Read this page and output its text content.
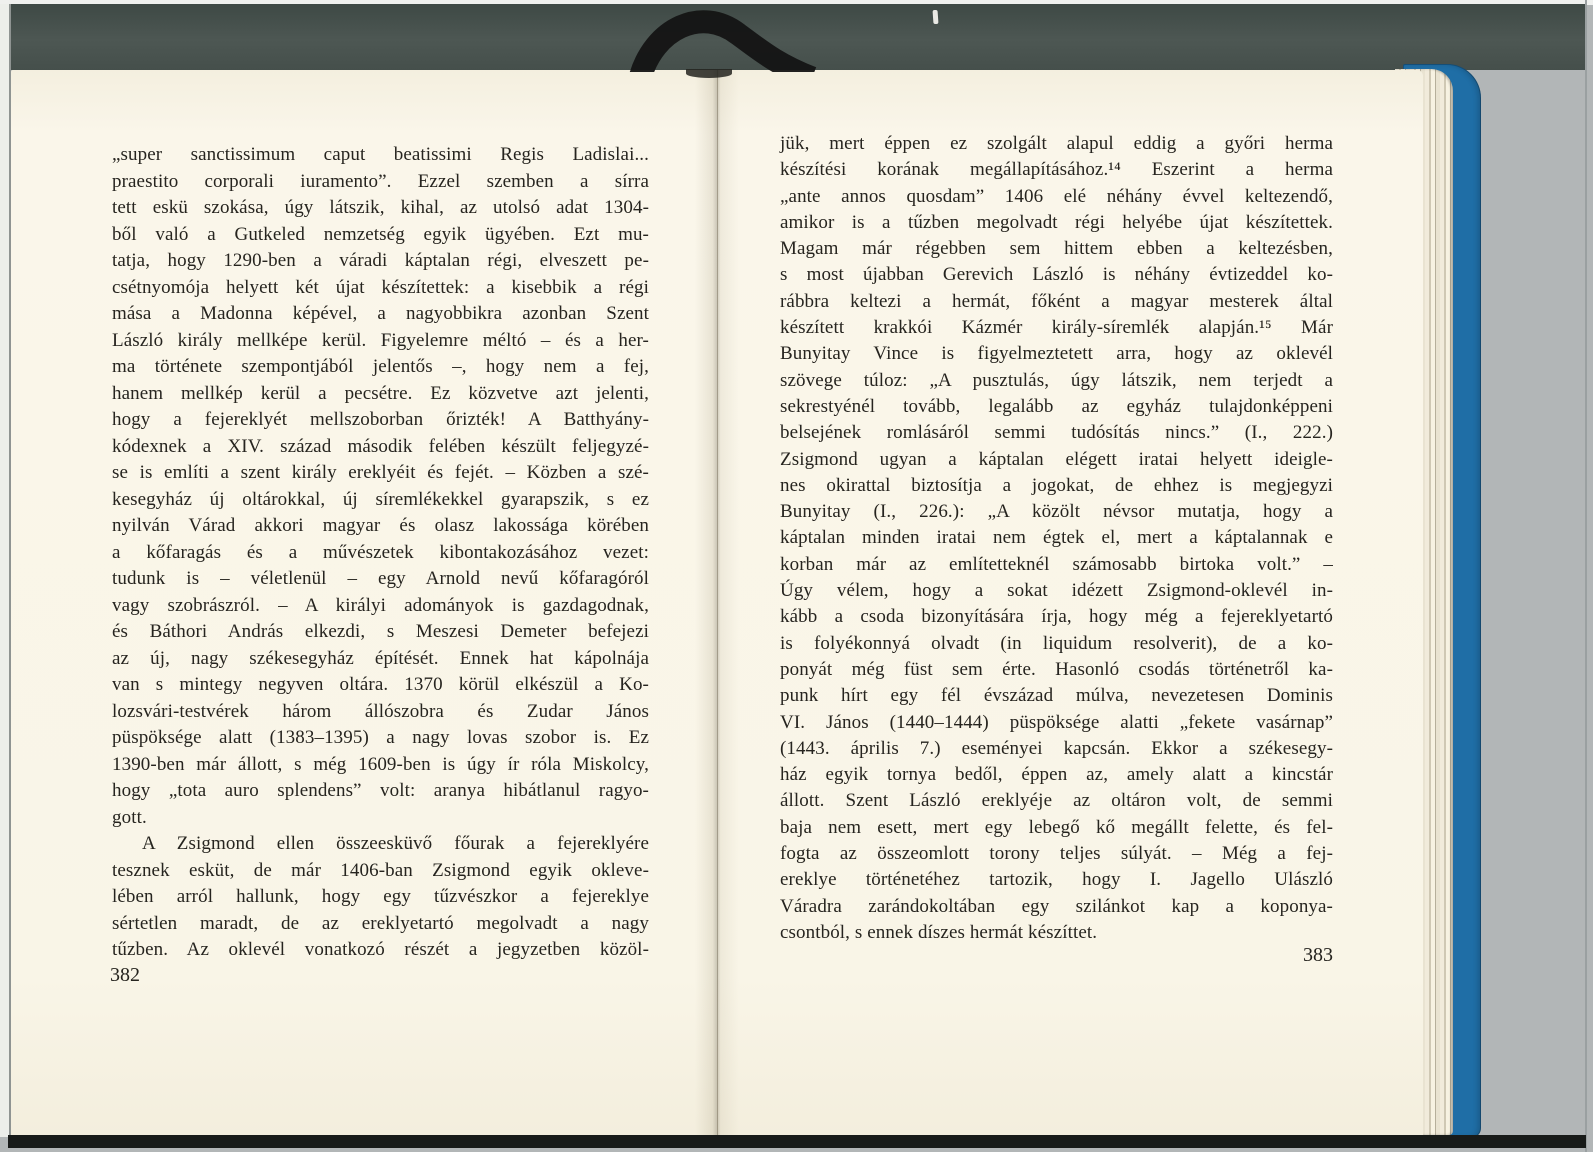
„super sanctissimum caput beatissimi Regis Ladislai...
praestito corporali iuramento”. Ezzel szemben a sírra
tett eskü szokása, úgy látszik, kihal, az utolsó adat 1304-
ből való a Gutkeled nemzetség egyik ügyében. Ezt mu-
tatja, hogy 1290-ben a váradi káptalan régi, elveszett pe-
csétnyomója helyett két újat készítettek: a kisebbik a régi
mása a Madonna képével, a nagyobbikra azonban Szent
László király mellképe kerül. Figyelemre méltó – és a her-
ma története szempontjából jelentős –, hogy nem a fej,
hanem mellkép kerül a pecsétre. Ez közvetve azt jelenti,
hogy a fejereklyét mellszoborban őrizték! A Batthyány-
kódexnek a XIV. század második felében készült feljegyzé-
se is említi a szent király ereklyéit és fejét. – Közben a szé-
kesegyház új oltárokkal, új síremlékekkel gyarapszik, s ez
nyilván Várad akkori magyar és olasz lakossága körében
a kőfaragás és a művészetek kibontakozásához vezet:
tudunk is – véletlenül – egy Arnold nevű kőfaragóról
vagy szobrászról. – A királyi adományok is gazdagodnak,
és Báthori András elkezdi, s Meszesi Demeter befejezi
az új, nagy székesegyház építését. Ennek hat kápolnája
van s mintegy negyven oltára. 1370 körül elkészül a Ko-
lozsvári-testvérek három állószobra és Zudar János
püspöksége alatt (1383–1395) a nagy lovas szobor is. Ez
1390-ben már állott, s még 1609-ben is úgy ír róla Miskolcy,
hogy „tota auro splendens” volt: aranya hibátlanul ragyo-
gott.
A Zsigmond ellen összeesküvő főurak a fejereklyére
tesznek esküt, de már 1406-ban Zsigmond egyik okleve-
lében arról hallunk, hogy egy tűzvészkor a fejereklye
sértetlen maradt, de az ereklyetartó megolvadt a nagy
tűzben. Az oklevél vonatkozó részét a jegyzetben közöl-
jük, mert éppen ez szolgált alapul eddig a győri herma
készítési korának megállapításához.¹⁴ Eszerint a herma
„ante annos quosdam” 1406 elé néhány évvel keltezendő,
amikor is a tűzben megolvadt régi helyébe újat készítettek.
Magam már régebben sem hittem ebben a keltezésben,
s most újabban Gerevich László is néhány évtizeddel ko-
rábbra keltezi a hermát, főként a magyar mesterek által
készített krakkói Kázmér király-síremlék alapján.¹⁵ Már
Bunyitay Vince is figyelmeztetett arra, hogy az oklevél
szövege túloz: „A pusztulás, úgy látszik, nem terjedt a
sekrestyénél tovább, legalább az egyház tulajdonképpeni
belsejének romlásáról semmi tudósítás nincs.” (I., 222.)
Zsigmond ugyan a káptalan elégett iratai helyett ideigle-
nes okirattal biztosítja a jogokat, de ehhez is megjegyzi
Bunyitay (I., 226.): „A közölt névsor mutatja, hogy a
káptalan minden iratai nem égtek el, mert a káptalannak e
korban már az említetteknél számosabb birtoka volt.” –
Úgy vélem, hogy a sokat idézett Zsigmond-oklevél in-
kább a csoda bizonyítására írja, hogy még a fejereklyetartó
is folyékonnyá olvadt (in liquidum resolverit), de a ko-
ponyát még füst sem érte. Hasonló csodás történetről ka-
punk hírt egy fél évszázad múlva, nevezetesen Dominis
VI. János (1440–1444) püspöksége alatti „fekete vasárnap”
(1443. április 7.) eseményei kapcsán. Ekkor a székesegy-
ház egyik tornya bedől, éppen az, amely alatt a kincstár
állott. Szent László ereklyéje az oltáron volt, de semmi
baja nem esett, mert egy lebegő kő megállt felette, és fel-
fogta az összeomlott torony teljes súlyát. – Még a fej-
ereklye történetéhez tartozik, hogy I. Jagello Ulászló
Váradra zarándokoltában egy szilánkot kap a koponya-
csontból, s ennek díszes hermát készíttet.
382
383
